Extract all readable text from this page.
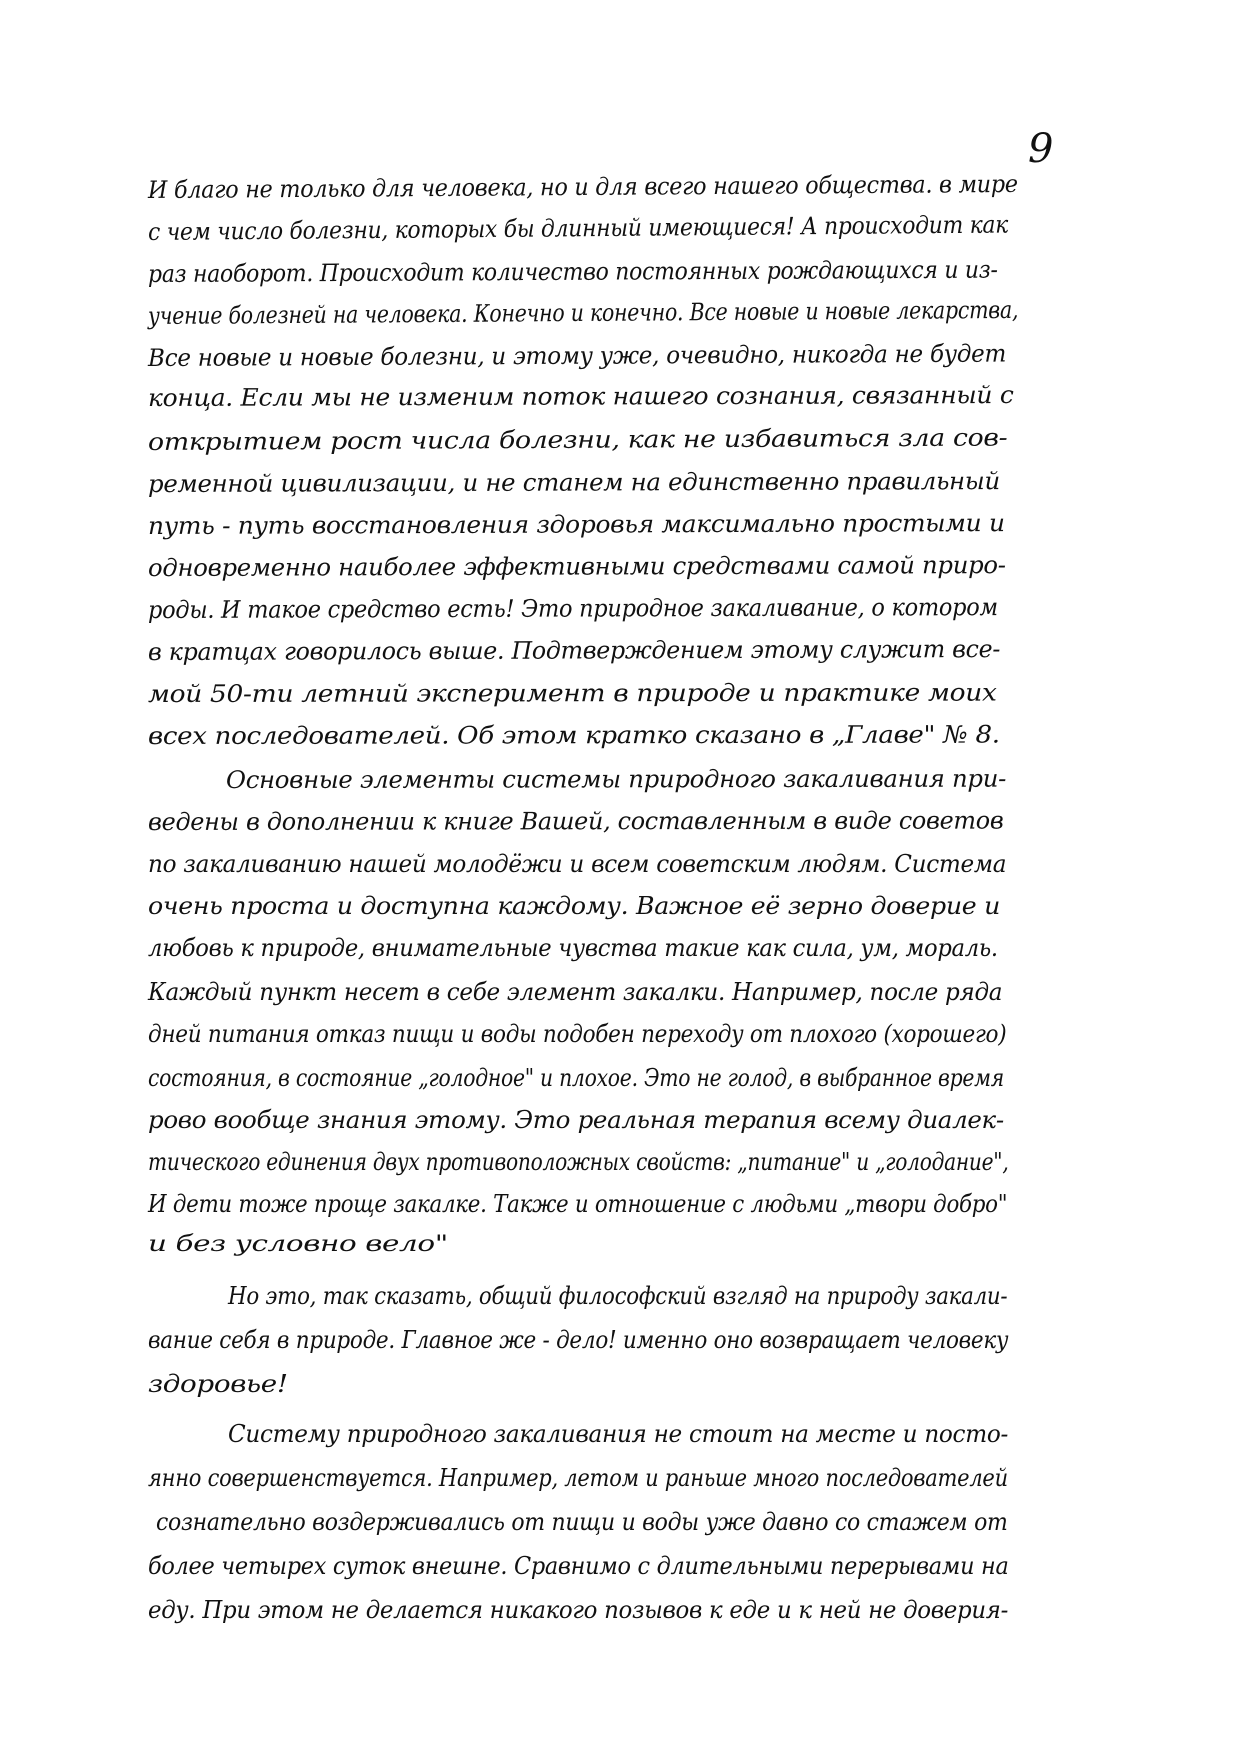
9
И благо не только для человека, но и для всего нашего общества. в мире
с чем число болезни, которых бы длинный имеющиеся! А происходит как
раз наоборот. Происходит количество постоянных рождающихся и из-
учение болезней на человека. Конечно и конечно. Все новые и новые лекарства,
Все новые и новые болезни, и этому уже, очевидно, никогда не будет
конца. Если мы не изменим поток нашего сознания, связанный с
открытием рост числа болезни, как не избавиться зла сов-
ременной цивилизации, и не станем на единственно правильный
путь - путь восстановления здоровья максимально простыми и
одновременно наиболее эффективными средствами самой приро-
роды. И такое средство есть! Это природное закаливание, о котором
в кратцах говорилось выше. Подтверждением этому служит все-
мой 50-ти летний эксперимент в природе и практике моих
всех последователей. Об этом кратко сказано в „Главе" № 8.
Основные элементы системы природного закаливания при-
ведены в дополнении к книге Вашей, составленным в виде советов
по закаливанию нашей молодёжи и всем советским людям. Система
очень проста и доступна каждому. Важное её зерно доверие и
любовь к природе, внимательные чувства такие как сила, ум, мораль.
Каждый пункт несет в себе элемент закалки. Например, после ряда
дней питания отказ пищи и воды подобен переходу от плохого (хорошего)
состояния, в состояние „голодное" и плохое. Это не голод, в выбранное время
рово вообще знания этому. Это реальная терапия всему диалек-
тического единения двух противоположных свойств: „питание" и „голодание",
И дети тоже проще закалке. Также и отношение с людьми „твори добро"
и без условно вело"
Но это, так сказать, общий философский взгляд на природу закали-
вание себя в природе. Главное же - дело! именно оно возвращает человеку
здоровье!
Систему природного закаливания не стоит на месте и посто-
янно совершенствуется. Например, летом и раньше много последователей
сознательно воздерживались от пищи и воды уже давно со стажем от
более четырех суток внешне. Сравнимо с длительными перерывами на
еду. При этом не делается никакого позывов к еде и к ней не доверия-
